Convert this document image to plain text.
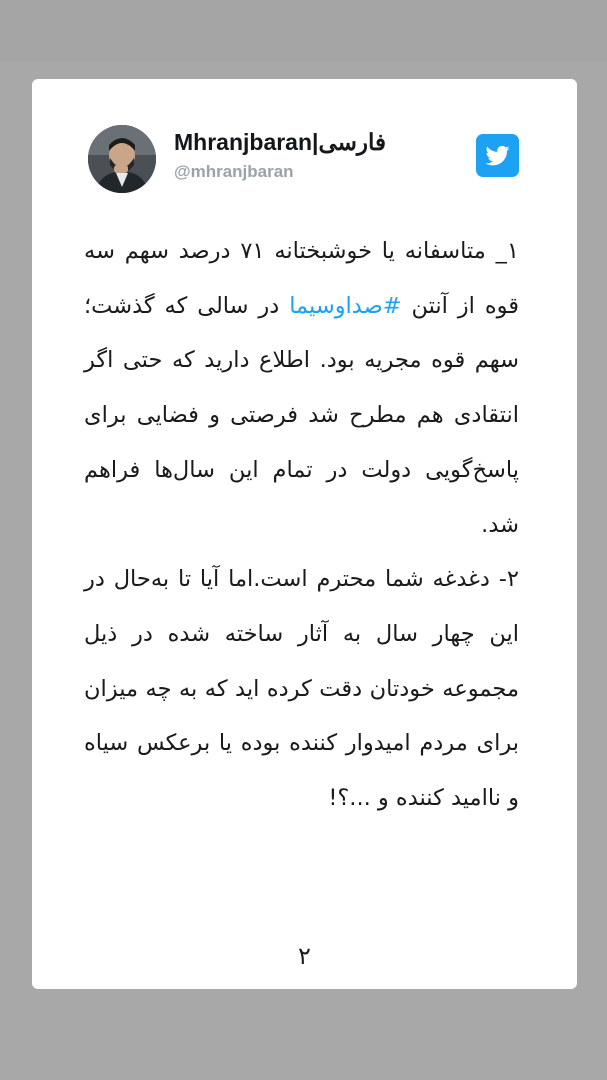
Mhranjbaran|فارسی
@mhranjbaran

۱_ متاسفانه یا خوشبختانه ۷۱ درصد سهم سه قوه از آنتن #صداوسیما در سالی که گذشت؛سهم قوه مجریه بود. اطلاع دارید که حتی اگر انتقادی هم مطرح شد فرصتی و فضایی برای پاسخ‌گویی دولت در تمام این سال‌ها فراهم شد.

۲- دغدغه شما محترم است.اما آیا تا به‌حال در این چهار سال به آثار ساخته شده در ذیل مجموعه خودتان دقت کرده اید که به چه میزان برای مردم امیدوار کننده بوده یا برعکس سیاه و ناامید کننده و ...؟!

۲
